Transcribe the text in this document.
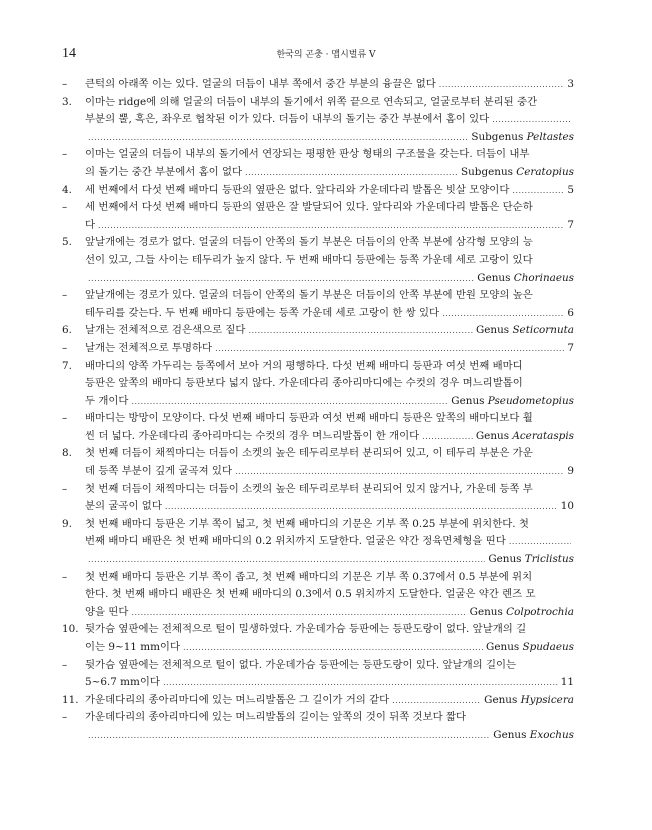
14	한국의 곤충 · 맵시벌류 V
–	큰턱의 아래쪽 이는 있다. 얼굴의 더듬이 내부 쪽에서 중간 부분의 융끌은 없다 .....	3
3.	이마는 ridge에 의해 얼굴의 더듬이 내부의 돌기에서 위쪽 끝으로 연속되고, 얼굴로부터 분리된 중간
부분의 뿔, 혹은, 좌우로 협착된 이가 있다. 더듬이 내부의 돌기는 중간 부분에서 홈이 있다
.....
.....
Subgenus Peltastes
–	이마는 얼굴의 더듬이 내부의 돌기에서 연장되는 평평한 판상 형태의 구조물을 갖는다. 더듬이 내부
의 돌기는 중간 부분에서 홈이 없다 .....	Subgenus Ceratopius
4.	세 번째에서 다섯 번째 배마디 등판의 옆판은 없다. 앞다리와 가운데다리 발톱은 빗살 모양이다 .....	5
–	세 번째에서 다섯 번째 배마디 등판의 옆판은 잘 발달되어 있다. 앞다리와 가운데다리 발톱은 단순하
다 .....	7
5.	앞날개에는 경로가 없다. 얼굴의 더듬이 안쪽의 돌기 부분은 더듬이의 안쪽 부분에 삼각형 모양의 능
선이 있고, 그들 사이는 테두리가 높지 않다. 두 번째 배마디 등판에는 등쪽 가운데 세로 고랑이 있다
.....
Genus Chorinaeus
–	앞날개에는 경로가 있다. 얼굴의 더듬이 안쪽의 돌기 부분은 더듬이의 안쪽 부분에 반원 모양의 높은
테두리를 갖는다. 두 번째 배마디 등판에는 등쪽 가운데 세로 고랑이 한 쌍 있다 .....	6
6.	날개는 전체적으로 검은색으로 짙다 .....	Genus Seticornuta
–	날개는 전체적으로 투명하다 .....	7
7.	배마디의 양쪽 가두리는 등쪽에서 보아 거의 평행하다. 다섯 번째 배마디 등판과 여섯 번째 배마디
등판은 앞쪽의 배마디 등판보다 넓지 않다. 가운데다리 종아리마디에는 수컷의 경우 며느리발톱이
두 개이다 .....	Genus Pseudometopius
–	배마디는 방망이 모양이다. 다섯 번째 배마디 등판과 여섯 번째 배마디 등판은 앞쪽의 배마디보다 훨
씬 더 넓다. 가운데다리 종아리마디는 수컷의 경우 며느리발톱이 한 개이다 .....	Genus Acerataspis
8.	첫 번째 더듬이 채찍마디는 더듬이 소켓의 높은 테두리로부터 분리되어 있고, 이 테두리 부분은 가운
데 등쪽 부분이 깊게 굴곡져 있다 .....	9
–	첫 번째 더듬이 채찍마디는 더듬이 소켓의 높은 테두리로부터 분리되어 있지 않거나, 가운데 등쪽 부
분의 굴곡이 없다 .....	10
9.	첫 번째 배마디 등판은 기부 쪽이 넓고, 첫 번째 배마디의 기문은 기부 쪽 0.25 부분에 위치한다. 첫
번째 배마디 배판은 첫 번째 배마디의 0.2 위치까지 도달한다. 얼굴은 약간 정육면체형을 띤다
.....
.....
Genus Triclistus
–	첫 번째 배마디 등판은 기부 쪽이 좁고, 첫 번째 배마디의 기문은 기부 쪽 0.37에서 0.5 부분에 위치
한다. 첫 번째 배마디 배판은 첫 번째 배마디의 0.3에서 0.5 위치까지 도달한다. 얼굴은 약간 렌즈 모
양을 띤다 .....	Genus Colpotrochia
10. 뒷가슴 옆판에는 전체적으로 털이 밀생하였다. 가운데가슴 등판에는 등판도랑이 없다. 앞날개의 길
이는 9~11 mm이다 .....	Genus Spudaeus
–	뒷가슴 옆판에는 전체적으로 털이 없다. 가운데가슴 등판에는 등판도랑이 있다. 앞날개의 길이는
5~6.7 mm이다 .....	11
11. 가운데다리의 종아리마디에 있는 며느리발톱은 그 길이가 거의 같다 .....	Genus Hypsicera
–	가운데다리의 종아리마디에 있는 며느리발톱의 길이는 앞쪽의 것이 뒤쪽 것보다 짧다
.....
Genus Exochus
